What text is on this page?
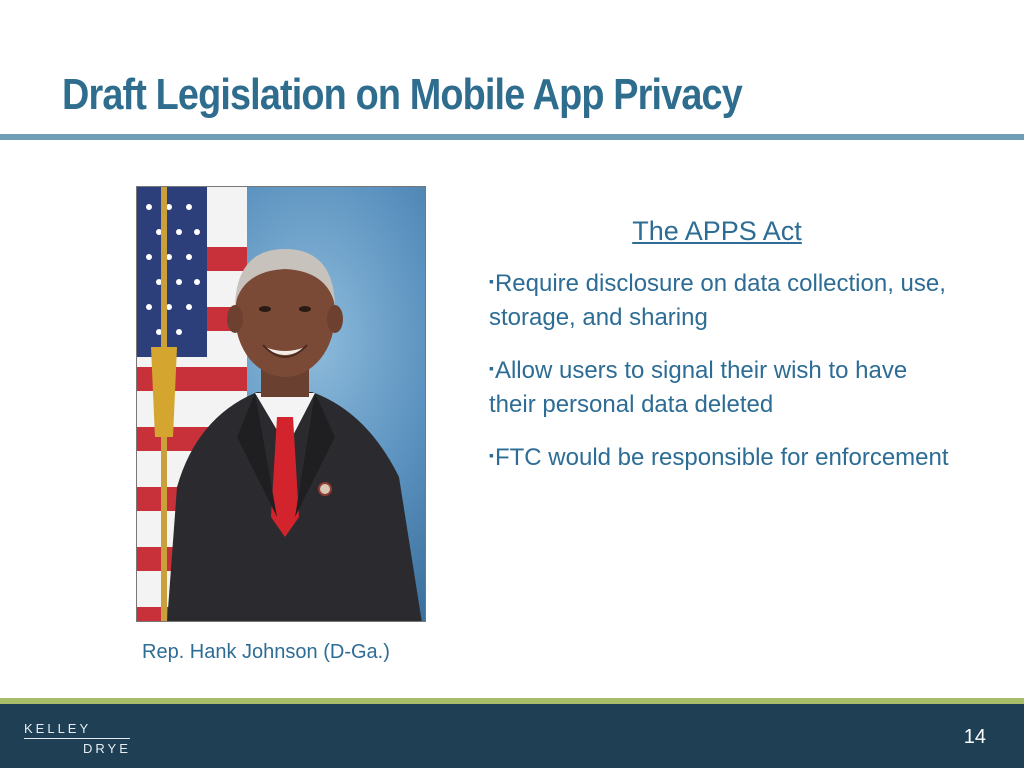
Draft Legislation on Mobile App Privacy
Rep. Hank Johnson (D-Ga.)
The APPS Act
▪Require disclosure on data collection, use, storage, and sharing
▪Allow users to signal their wish to have their personal data deleted
▪FTC would be responsible for enforcement
KELLEY
DRYE
14
